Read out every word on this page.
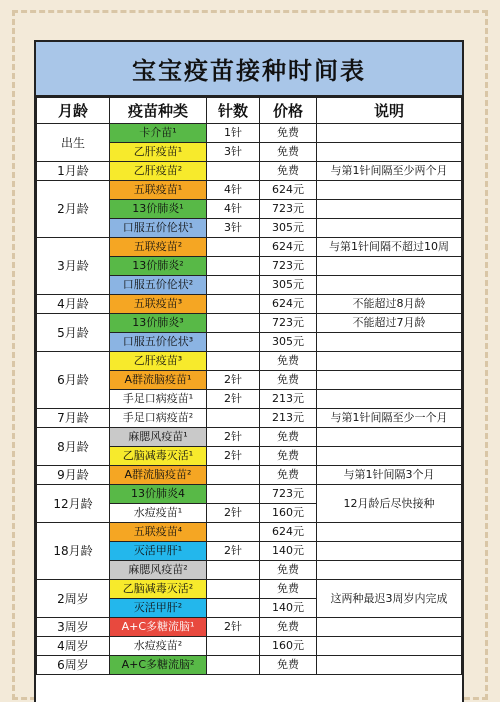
宝宝疫苗接种时间表
月龄	疫苗种类	针数	价格	说明
出生	卡介苗¹	1针	免费	
	乙肝疫苗¹	3针	免费	
1月龄	乙肝疫苗²		免费	与第1针间隔至少两个月
2月龄	五联疫苗¹	4针	624元	
	13价肺炎¹	4针	723元	
	口服五价伦状¹	3针	305元	
3月龄	五联疫苗²		624元	与第1针间隔不超过10周
	13价肺炎²		723元	
	口服五价伦状²		305元	
4月龄	五联疫苗³		624元	不能超过8月龄
5月龄	13价肺炎³		723元	不能超过7月龄
	口服五价伦状³		305元	
6月龄	乙肝疫苗³		免费	
	A群流脑疫苗¹	2针	免费	
	手足口病疫苗¹	2针	213元	
7月龄	手足口病疫苗²		213元	与第1针间隔至少一个月
8月龄	麻腮风疫苗¹	2针	免费	
	乙脑减毒灭活¹	2针	免费	
9月龄	A群流脑疫苗²		免费	与第1针间隔3个月
12月龄	13价肺炎4		723元	12月龄后尽快接种
	水痘疫苗¹	2针	160元	
18月龄	五联疫苗⁴		624元	
	灭活甲肝¹	2针	140元	
	麻腮风疫苗²		免费	
2周岁	乙脑减毒灭活²		免费	这两种最迟3周岁内完成
	灭活甲肝²		140元	
3周岁	A+C多糖流脑¹	2针	免费	
4周岁	水痘疫苗²		160元	
6周岁	A+C多糖流脑²		免费	
